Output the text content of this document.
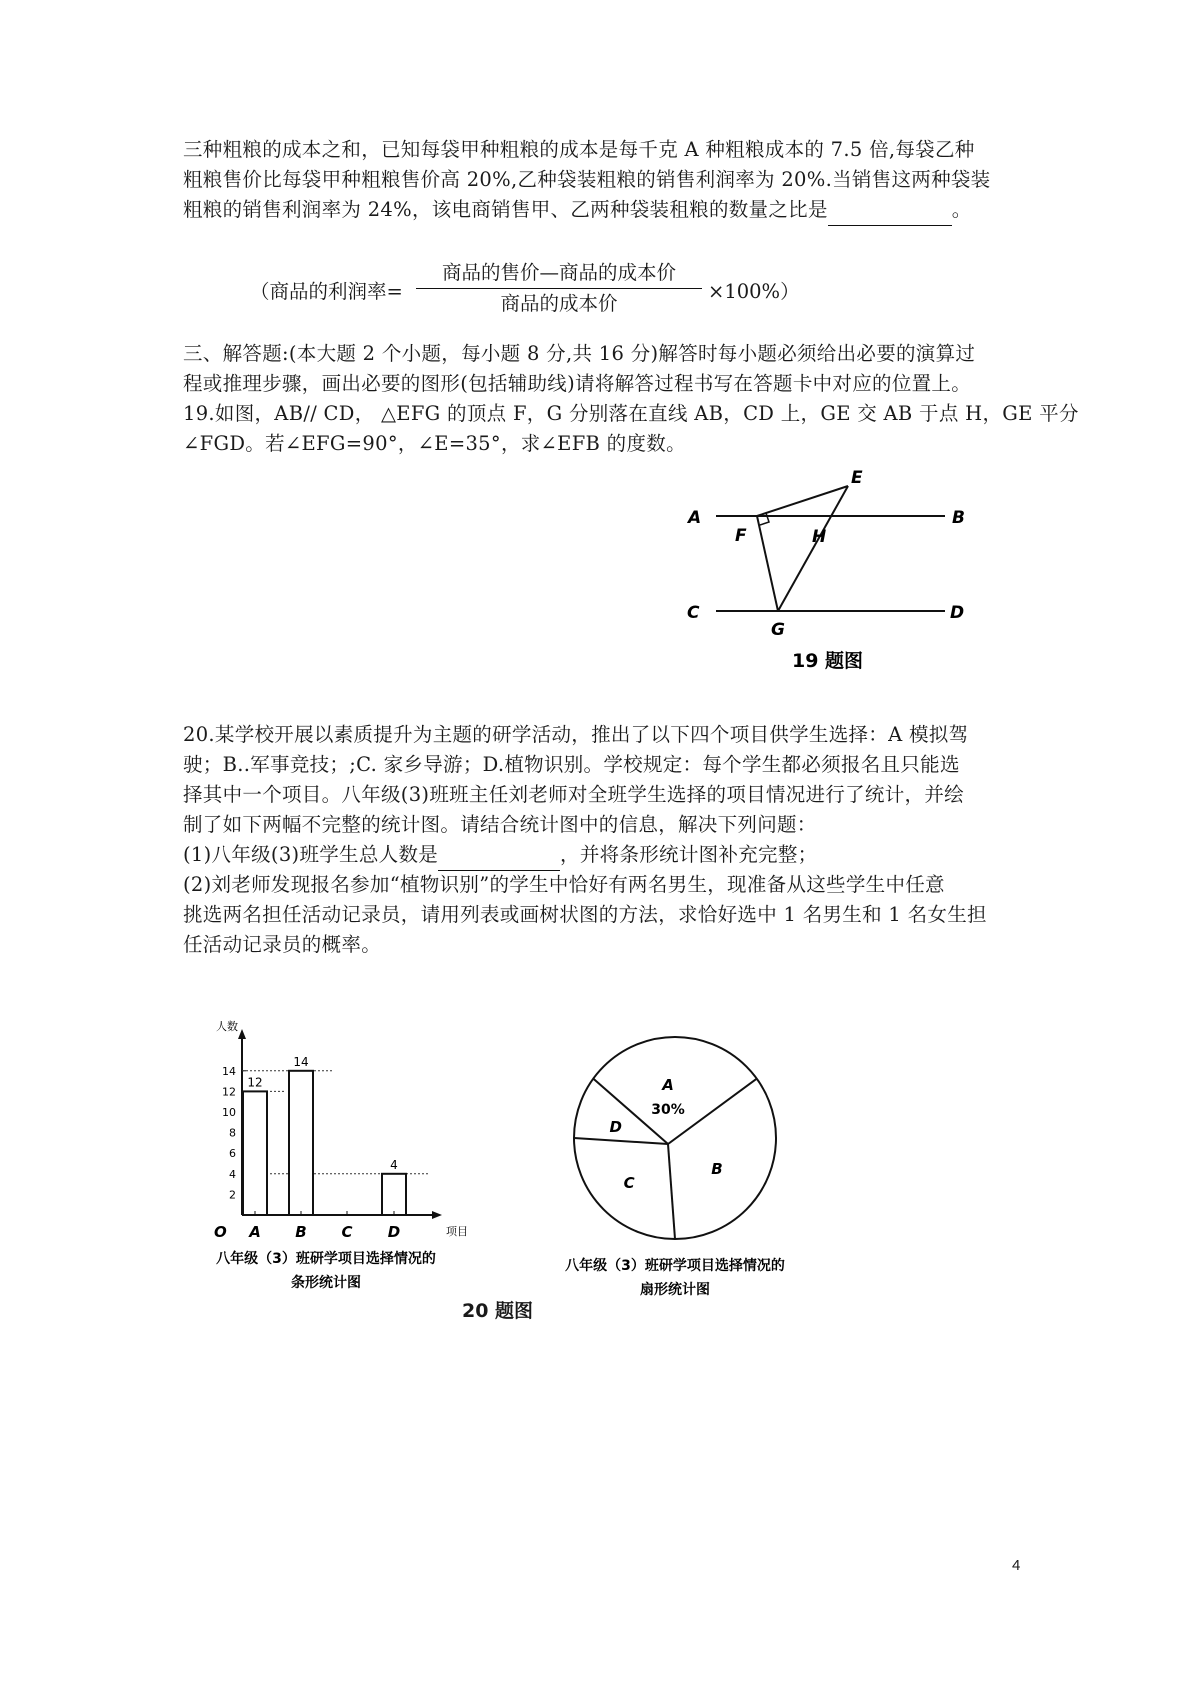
三种粗粮的成本之和，已知每袋甲种粗粮的成本是每千克 A 种粗粮成本的 7.5 倍,每袋乙种
粗粮售价比每袋甲种粗粮售价高 20%,乙种袋装粗粮的销售利润率为 20%.当销售这两种袋装
粗粮的销售利润率为 24%，该电商销售甲、乙两种袋装租粮的数量之比是	。
（商品的利润率=
商品的售价—商品的成本价
商品的成本价
×100%）
三、解答题:(本大题 2 个小题，每小题 8 分,共 16 分)解答时每小题必须给出必要的演算过
程或推理步骤，画出必要的图形(包括辅助线)请将解答过程书写在答题卡中对应的位置上。
19.如图，AB// CD， △EFG 的顶点 F，G 分别落在直线 AB，CD 上，GE 交 AB 于点 H，GE 平分
∠FGD。若∠EFG=90°，∠E=35°，求∠EFB 的度数。
A	B
C	D
E
F
G
H
19 题图
20.某学校开展以素质提升为主题的研学活动，推出了以下四个项目供学生选择：A 模拟驾
驶；B..军事竞技；;C. 家乡导游；D.植物识别。学校规定：每个学生都必须报名且只能选
择其中一个项目。八年级(3)班班主任刘老师对全班学生选择的项目情况进行了统计，并绘
制了如下两幅不完整的统计图。请结合统计图中的信息，解决下列问题：
(1)八年级(3)班学生总人数是	，并将条形统计图补充完整；
(2)刘老师发现报名参加“植物识别”的学生中恰好有两名男生，现准备从这些学生中任意
挑选两名担任活动记录员，请用列表或画树状图的方法，求恰好选中 1 名男生和 1 名女生担
任活动记录员的概率。
人数
项目
O
2
4
6
8
10
12
14
12
A
14
B C
4
D
八年级（3）班研学项目选择情况的
条形统计图
A
30%
B
C
D
八年级（3）班研学项目选择情况的
扇形统计图
20 题图
4
